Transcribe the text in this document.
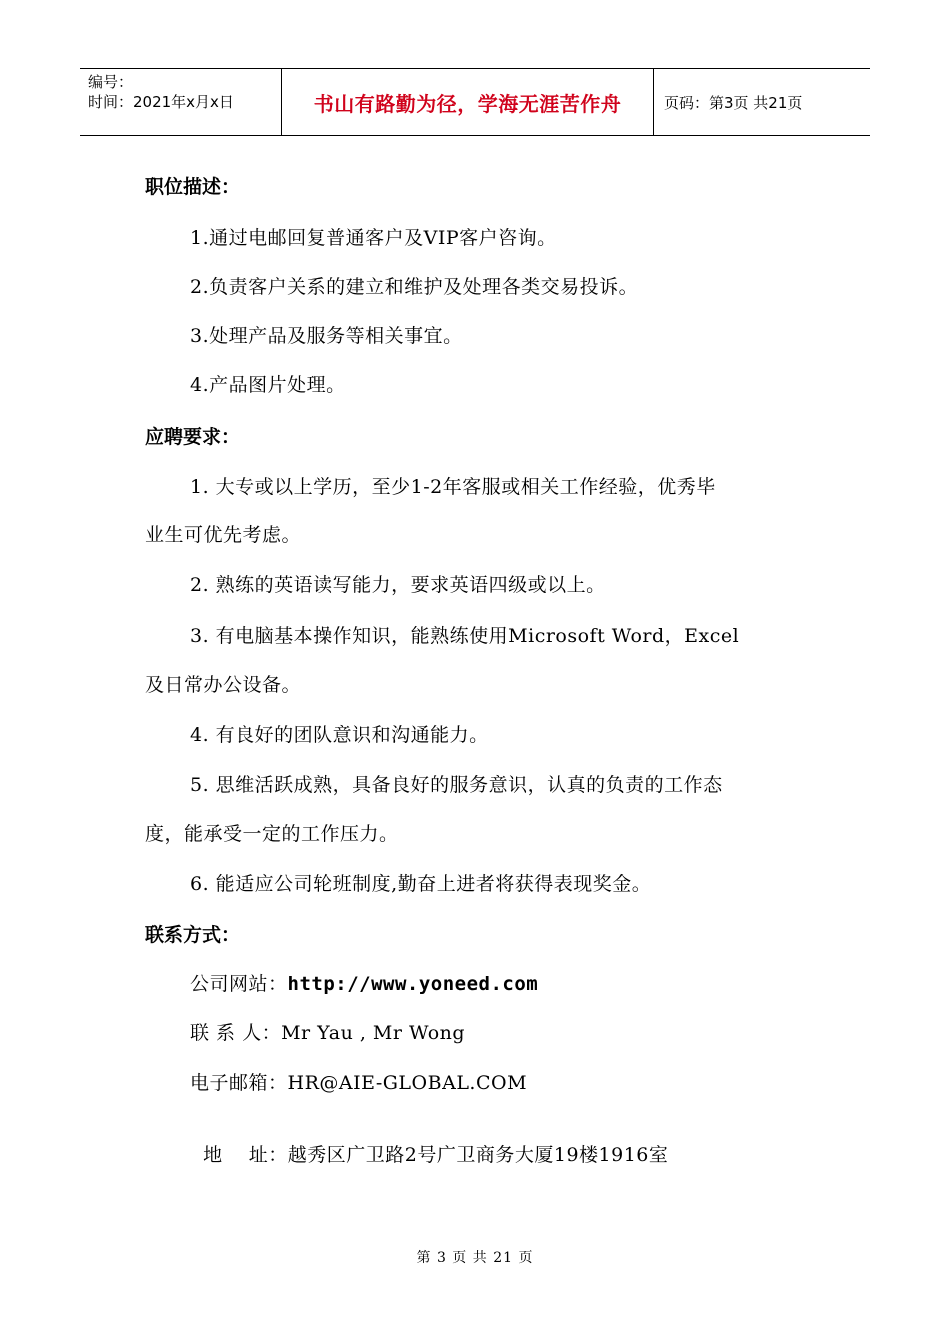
编号：
时间：2021年x月x日	书山有路勤为径，学海无涯苦作舟	页码：第3页 共21页
职位描述：
1.通过电邮回复普通客户及VIP客户咨询。
2.负责客户关系的建立和维护及处理各类交易投诉。
3.处理产品及服务等相关事宜。
4.产品图片处理。
应聘要求：
1. 大专或以上学历，至少1-2年客服或相关工作经验，优秀毕
业生可优先考虑。
2. 熟练的英语读写能力，要求英语四级或以上。
3. 有电脑基本操作知识，能熟练使用Microsoft Word，Excel
及日常办公设备。
4. 有良好的团队意识和沟通能力。
5. 思维活跃成熟，具备良好的服务意识，认真的负责的工作态
度，能承受一定的工作压力。
6. 能适应公司轮班制度,勤奋上进者将获得表现奖金。
联系方式：
公司网站：http://www.yoneed.com
联 系 人：Mr Yau , Mr Wong
电子邮箱：HR@AIE-GLOBAL.COM

地    址：越秀区广卫路2号广卫商务大厦19楼1916室

第 3 页 共 21 页
